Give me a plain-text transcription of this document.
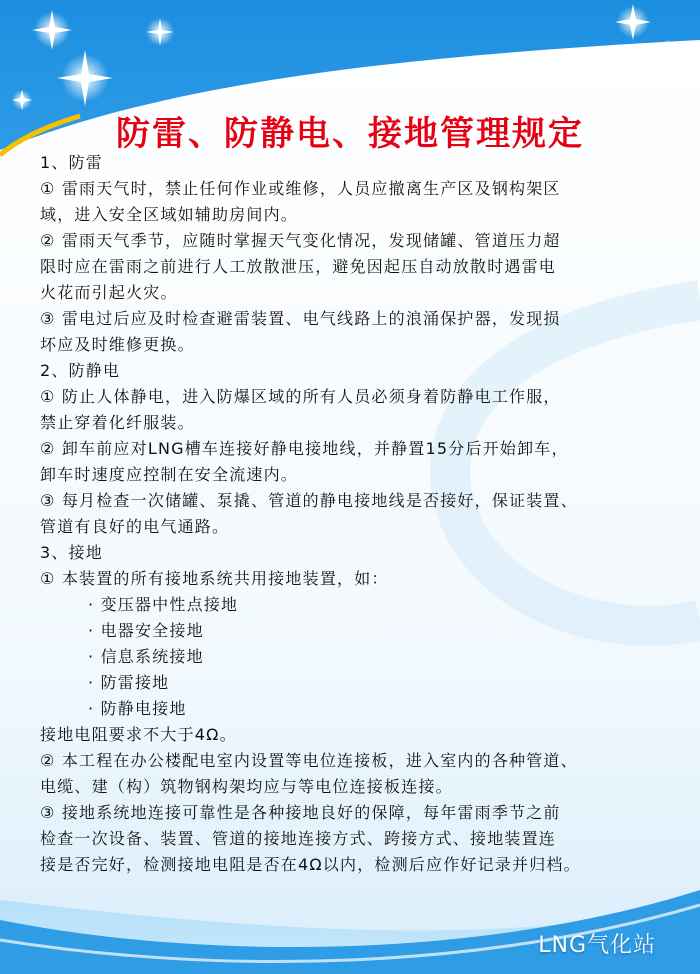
防雷、防静电、接地管理规定
1、防雷
① 雷雨天气时，禁止任何作业或维修，人员应撤离生产区及钢构架区
域，进入安全区域如辅助房间内。
② 雷雨天气季节，应随时掌握天气变化情况，发现储罐、管道压力超
限时应在雷雨之前进行人工放散泄压，避免因起压自动放散时遇雷电
火花而引起火灾。
③ 雷电过后应及时检查避雷装置、电气线路上的浪涌保护器，发现损
坏应及时维修更换。
2、防静电
① 防止人体静电，进入防爆区域的所有人员必须身着防静电工作服，
禁止穿着化纤服装。
② 卸车前应对LNG槽车连接好静电接地线，并静置15分后开始卸车，
卸车时速度应控制在安全流速内。
③ 每月检查一次储罐、泵撬、管道的静电接地线是否接好，保证装置、
管道有良好的电气通路。
3、接地
① 本装置的所有接地系统共用接地装置，如：
· 变压器中性点接地
· 电器安全接地
· 信息系统接地
· 防雷接地
· 防静电接地
接地电阻要求不大于4Ω。
② 本工程在办公楼配电室内设置等电位连接板，进入室内的各种管道、
电缆、建（构）筑物钢构架均应与等电位连接板连接。
③ 接地系统地连接可靠性是各种接地良好的保障，每年雷雨季节之前
检查一次设备、装置、管道的接地连接方式、跨接方式、接地装置连
接是否完好，检测接地电阻是否在4Ω以内，检测后应作好记录并归档。
LNG气化站
